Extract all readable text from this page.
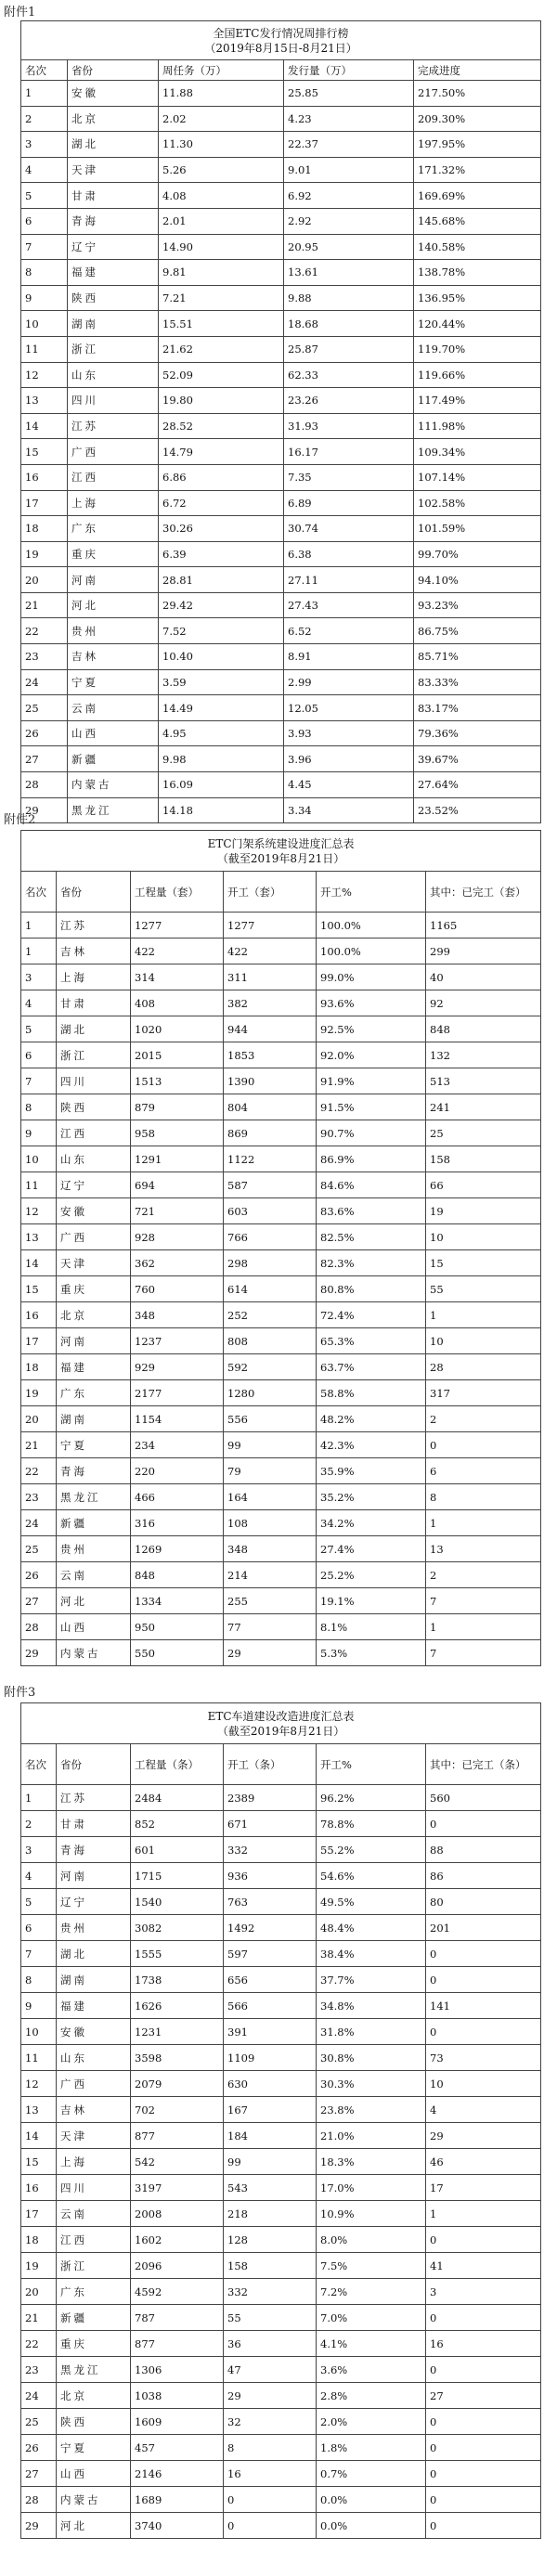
附件1
全国ETC发行情况周排行榜
（2019年8月15日-8月21日）				

名次	省份	周任务（万）	发行量（万）	完成进度
1	安徽	11.88	25.85	217.50%
2	北京	2.02	4.23	209.30%
3	湖北	11.30	22.37	197.95%
4	天津	5.26	9.01	171.32%
5	甘肃	4.08	6.92	169.69%
6	青海	2.01	2.92	145.68%
7	辽宁	14.90	20.95	140.58%
8	福建	9.81	13.61	138.78%
9	陕西	7.21	9.88	136.95%
10	湖南	15.51	18.68	120.44%
11	浙江	21.62	25.87	119.70%
12	山东	52.09	62.33	119.66%
13	四川	19.80	23.26	117.49%
14	江苏	28.52	31.93	111.98%
15	广西	14.79	16.17	109.34%
16	江西	6.86	7.35	107.14%
17	上海	6.72	6.89	102.58%
18	广东	30.26	30.74	101.59%
19	重庆	6.39	6.38	99.70%
20	河南	28.81	27.11	94.10%
21	河北	29.42	27.43	93.23%
22	贵州	7.52	6.52	86.75%
23	吉林	10.40	8.91	85.71%
24	宁夏	3.59	2.99	83.33%
25	云南	14.49	12.05	83.17%
26	山西	4.95	3.93	79.36%
27	新疆	9.98	3.96	39.67%
28	内蒙古	16.09	4.45	27.64%
29	黑龙江	14.18	3.34	23.52%
附件2
ETC门架系统建设进度汇总表
（截至2019年8月21日）					

名次	省份	工程量（套）	开工（套）	开工%	其中：已完工（套）
1	江苏	1277	1277	100.0%	1165
1	吉林	422	422	100.0%	299
3	上海	314	311	99.0%	40
4	甘肃	408	382	93.6%	92
5	湖北	1020	944	92.5%	848
6	浙江	2015	1853	92.0%	132
7	四川	1513	1390	91.9%	513
8	陕西	879	804	91.5%	241
9	江西	958	869	90.7%	25
10	山东	1291	1122	86.9%	158
11	辽宁	694	587	84.6%	66
12	安徽	721	603	83.6%	19
13	广西	928	766	82.5%	10
14	天津	362	298	82.3%	15
15	重庆	760	614	80.8%	55
16	北京	348	252	72.4%	1
17	河南	1237	808	65.3%	10
18	福建	929	592	63.7%	28
19	广东	2177	1280	58.8%	317
20	湖南	1154	556	48.2%	2
21	宁夏	234	99	42.3%	0
22	青海	220	79	35.9%	6
23	黑龙江	466	164	35.2%	8
24	新疆	316	108	34.2%	1
25	贵州	1269	348	27.4%	13
26	云南	848	214	25.2%	2
27	河北	1334	255	19.1%	7
28	山西	950	77	8.1%	1
29	内蒙古	550	29	5.3%	7
附件3
ETC车道建设改造进度汇总表
（截至2019年8月21日）					

名次	省份	工程量（条）	开工（条）	开工%	其中：已完工（条）
1	江苏	2484	2389	96.2%	560
2	甘肃	852	671	78.8%	0
3	青海	601	332	55.2%	88
4	河南	1715	936	54.6%	86
5	辽宁	1540	763	49.5%	80
6	贵州	3082	1492	48.4%	201
7	湖北	1555	597	38.4%	0
8	湖南	1738	656	37.7%	0
9	福建	1626	566	34.8%	141
10	安徽	1231	391	31.8%	0
11	山东	3598	1109	30.8%	73
12	广西	2079	630	30.3%	10
13	吉林	702	167	23.8%	4
14	天津	877	184	21.0%	29
15	上海	542	99	18.3%	46
16	四川	3197	543	17.0%	17
17	云南	2008	218	10.9%	1
18	江西	1602	128	8.0%	0
19	浙江	2096	158	7.5%	41
20	广东	4592	332	7.2%	3
21	新疆	787	55	7.0%	0
22	重庆	877	36	4.1%	16
23	黑龙江	1306	47	3.6%	0
24	北京	1038	29	2.8%	27
25	陕西	1609	32	2.0%	0
26	宁夏	457	8	1.8%	0
27	山西	2146	16	0.7%	0
28	内蒙古	1689	0	0.0%	0
29	河北	3740	0	0.0%	0
